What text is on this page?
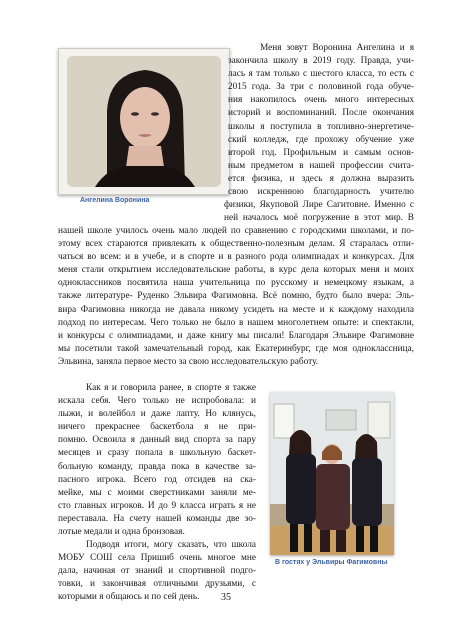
Ангелина Воронина
Меня зовут Воронина Ангелина и я
закончила школу в 2019 году. Правда, учи-
лась я там только с шестого класса, то есть с
2015 года. За три с половиной года обуче-
ния накопилось очень много интересных
историй и воспоминаний. После окончания
школы я поступила в топливно-энергетиче-
ский колледж, где прохожу обучение уже
второй год. Профильным и самым основ-
ным предметом в нашей профессии счита-
ется физика, и здесь я должна выразить
свою искреннюю благодарность учителю
физики, Якуповой Лире Сагитовне. Именно с
ней началось моё погружение в этот мир. В
нашей школе училось очень мало людей по сравнению с городскими школами, и по-
этому всех стараются привлекать к общественно-полезным делам. Я старалась отли-
чаться во всем: и в учебе, и в спорте и в разного рода олимпиадах и конкурсах. Для
меня стали открытием исследовательские работы, в курс дела которых меня и моих
одноклассников посвятила наша учительница по русскому и немецкому языкам, а
также литературе- Руденко Эльвира Фагимовна. Всё помню, будто было вчера: Эль-
вира Фагимовна никогда не давала никому усидеть на месте и к каждому находила
подход по интересам. Чего только не было в нашем многолетнем опыте: и спектакли,
и конкурсы с олимпиадами, и даже книгу мы писали! Благодаря Эльвире Фагимовне
мы посетили такой замечательный город, как Екатеринбург, где моя одноклассница,
Эльвина, заняла первое место за свою исследовательскую работу.
Как я и говорила ранее, в спорте я также
искала себя. Чего только не испробовала: и
лыжи, и волейбол и даже лапту. Но клянусь,
ничего прекраснее баскетбола я не при-
помню. Освоила я данный вид спорта за пару
месяцев и сразу попала в школьную баскет-
больную команду, правда пока в качестве за-
пасного игрока. Всего год отсидев на ска-
мейке, мы с моими сверстниками заняли ме-
сто главных игроков. И до 9 класса играть я не
переставала. На счету нашей команды две зо-
лотые медали и одна бронзовая.
Подводя итоги, могу сказать, что школа
МОБУ СОШ села Пришиб очень многое мне
дала, начиная от знаний и спортивной подго-
товки, и закончивая отличными друзьями, с
которыми я общаюсь и по сей день.
В гостях у Эльвиры Фагимовны
35
